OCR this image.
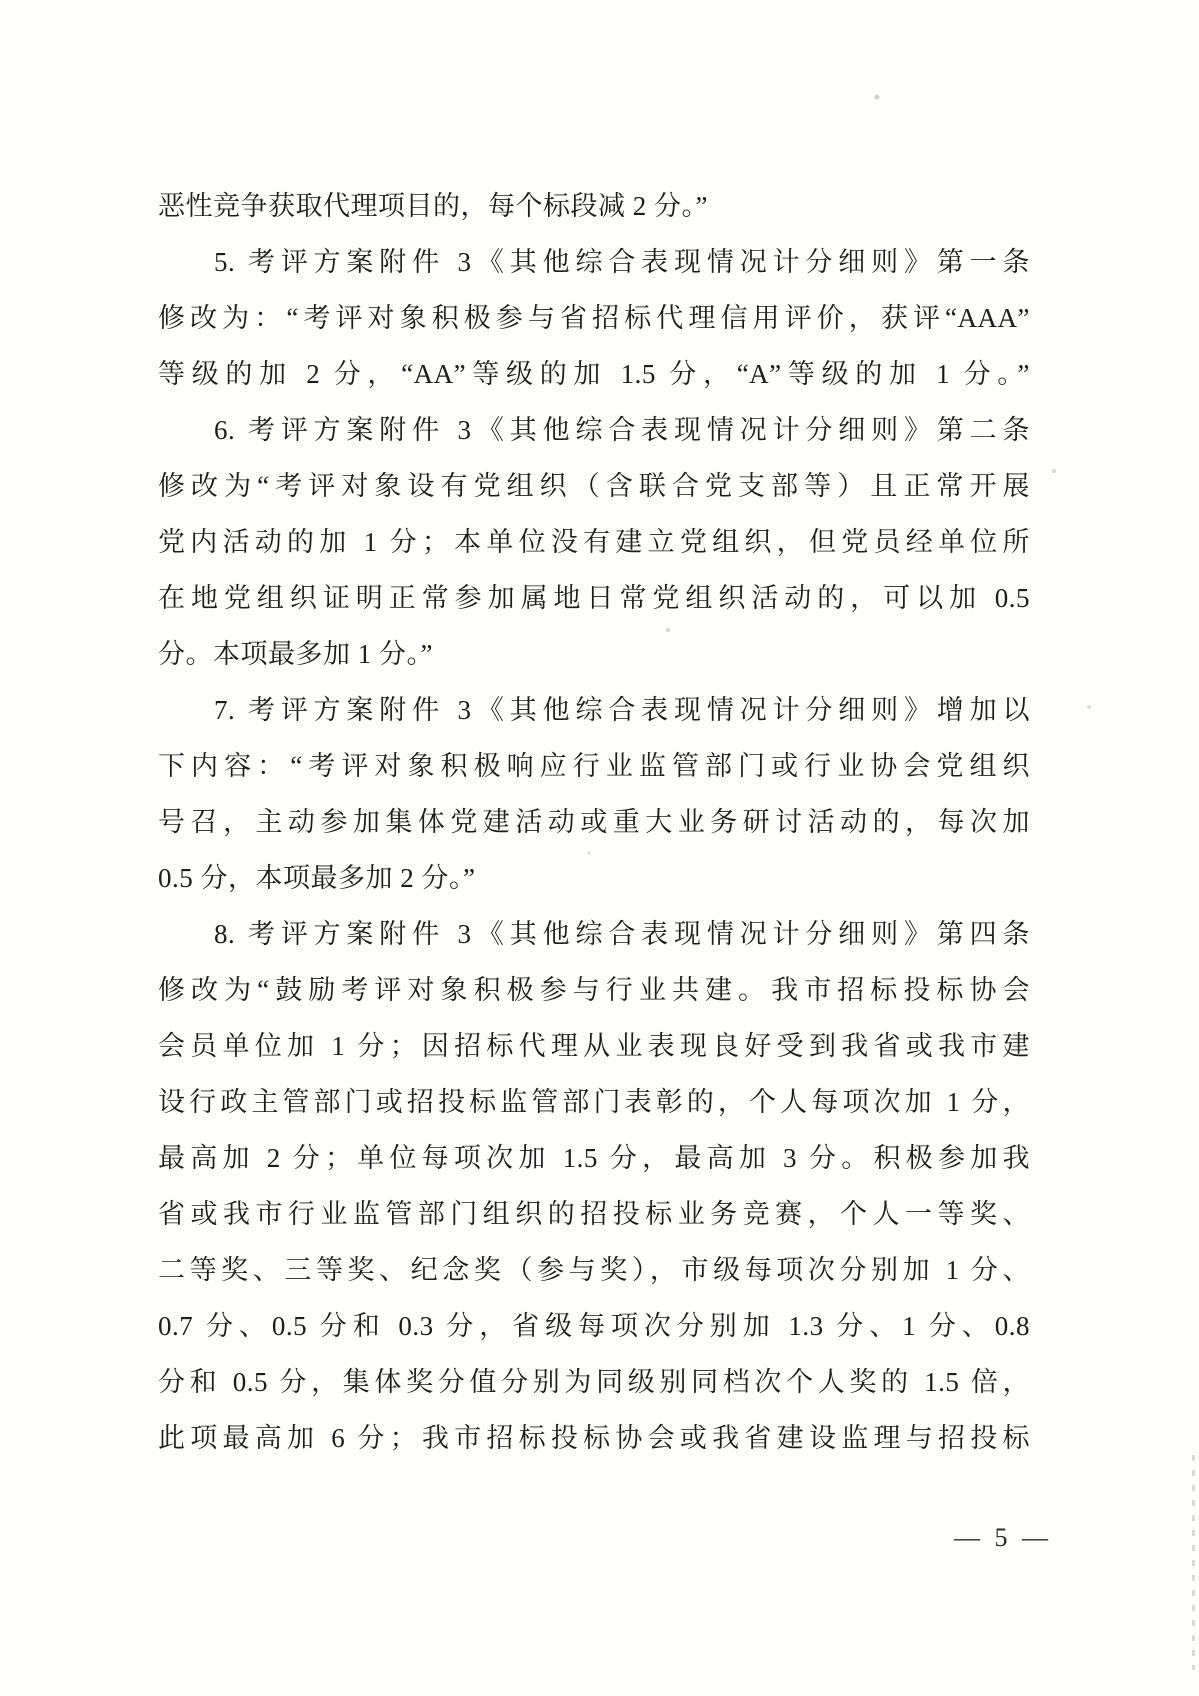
恶性竞争获取代理项目的，每个标段减 2 分。”
5. 考评方案附件 3《其他综合表现情况计分细则》第一条
修改为：“考评对象积极参与省招标代理信用评价，获评“AAA”
等级的加 2 分，“AA”等级的加 1.5 分，“A”等级的加 1 分。”
6. 考评方案附件 3《其他综合表现情况计分细则》第二条
修改为“考评对象设有党组织（含联合党支部等）且正常开展
党内活动的加 1 分；本单位没有建立党组织，但党员经单位所
在地党组织证明正常参加属地日常党组织活动的，可以加 0.5
分。本项最多加 1 分。”
7. 考评方案附件 3《其他综合表现情况计分细则》增加以
下内容：“考评对象积极响应行业监管部门或行业协会党组织
号召，主动参加集体党建活动或重大业务研讨活动的，每次加
0.5 分，本项最多加 2 分。”
8. 考评方案附件 3《其他综合表现情况计分细则》第四条
修改为“鼓励考评对象积极参与行业共建。我市招标投标协会
会员单位加 1 分；因招标代理从业表现良好受到我省或我市建
设行政主管部门或招投标监管部门表彰的，个人每项次加 1 分，
最高加 2 分；单位每项次加 1.5 分，最高加 3 分。积极参加我
省或我市行业监管部门组织的招投标业务竞赛，个人一等奖、
二等奖、三等奖、纪念奖（参与奖），市级每项次分别加 1 分、
0.7 分、0.5 分和 0.3 分，省级每项次分别加 1.3 分、1 分、0.8
分和 0.5 分，集体奖分值分别为同级别同档次个人奖的 1.5 倍，
此项最高加 6 分；我市招标投标协会或我省建设监理与招投标
— 5 —
